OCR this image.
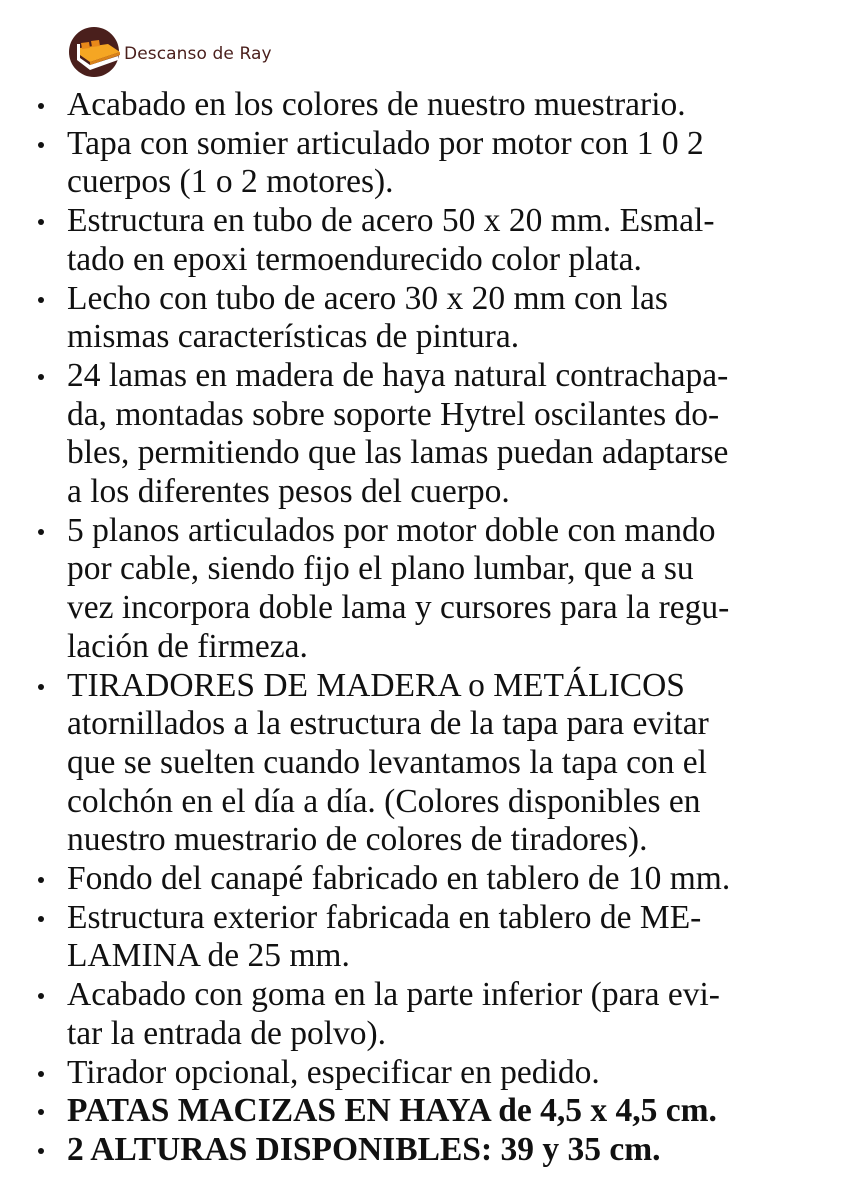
Descanso de Ray
Acabado en los colores de nuestro muestrario.
Tapa con somier articulado por motor con 1 0 2
cuerpos (1 o 2 motores).
Estructura en tubo de acero 50 x 20 mm. Esmal-
tado en epoxi termoendurecido color plata.
Lecho con tubo de acero 30 x 20 mm con las
mismas características de pintura.
24 lamas en madera de haya natural contrachapa-
da, montadas sobre soporte Hytrel oscilantes do-
bles, permitiendo que las lamas puedan adaptarse
a los diferentes pesos del cuerpo.
5 planos articulados por motor doble con mando
por cable, siendo fijo el plano lumbar, que a su
vez incorpora doble lama y cursores para la regu-
lación de firmeza.
TIRADORES DE MADERA o METÁLICOS
atornillados a la estructura de la tapa para evitar
que se suelten cuando levantamos la tapa con el
colchón en el día a día. (Colores disponibles en
nuestro muestrario de colores de tiradores).
Fondo del canapé fabricado en tablero de 10 mm.
Estructura exterior fabricada en tablero de ME-
LAMINA de 25 mm.
Acabado con goma en la parte inferior (para evi-
tar la entrada de polvo).
Tirador opcional, especificar en pedido.
PATAS MACIZAS EN HAYA de 4,5 x 4,5 cm.
2 ALTURAS DISPONIBLES: 39 y 35 cm.
